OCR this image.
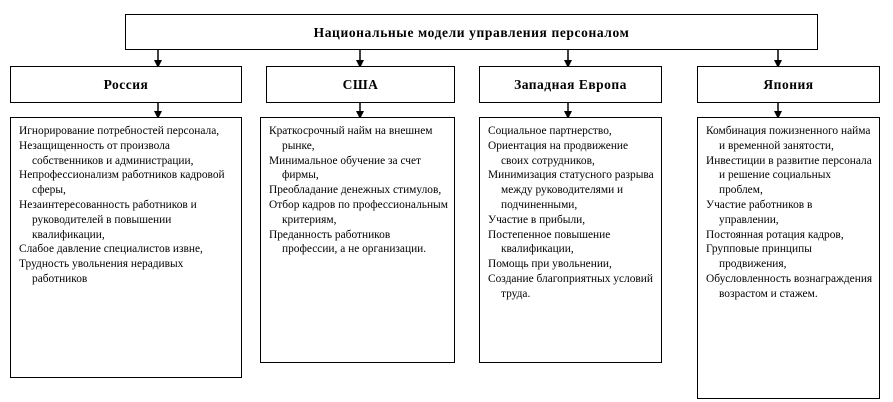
Национальные модели управления персоналом
Россия	США	Западная Европа	Япония
Игнорирование потребностей персонала,
Незащищенность от произвола собственников и администрации,
Непрофессионализм работников кадровой сферы,
Незаинтересованность работников и руководителей в повышении квалификации,
Слабое давление специалистов извне,
Трудность увольнения нерадивых работников
Краткосрочный найм на внешнем рынке,
Минимальное обучение за счет фирмы,
Преобладание денежных стимулов,
Отбор кадров по профессиональным критериям,
Преданность работников профессии, а не организации.
Социальное партнерство,
Ориентация на продвижение своих сотрудников,
Минимизация статусного разрыва между руководителями и подчиненными,
Участие в прибыли,
Постепенное повышение квалификации,
Помощь при увольнении,
Создание благоприятных условий труда.
Комбинация пожизненного найма и временной занятости,
Инвестиции в развитие персонала и решение социальных проблем,
Участие работников в управлении,
Постоянная ротация кадров,
Групповые принципы продвижения,
Обусловленность вознаграждения возрастом и стажем.
